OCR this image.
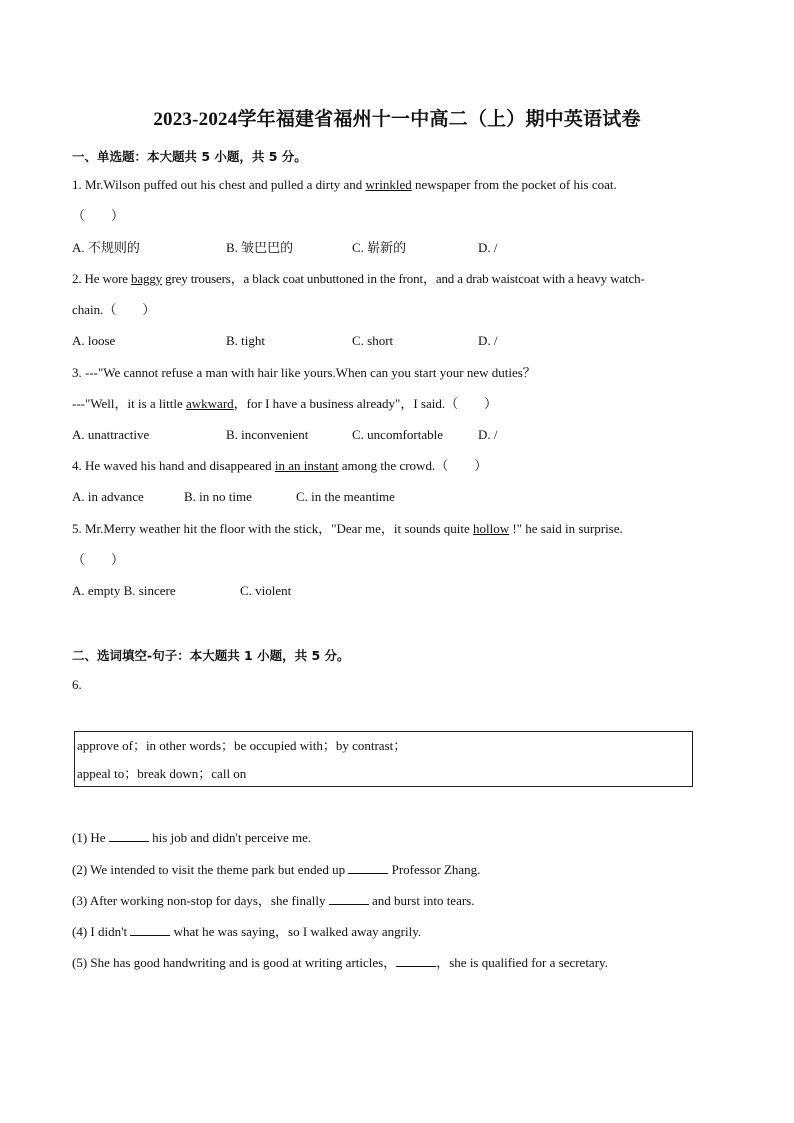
2023-2024学年福建省福州十一中高二（上）期中英语试卷
一、单选题：本大题共 5 小题，共 5 分。
1. Mr.Wilson puffed out his chest and pulled a dirty and wrinkled newspaper from the pocket of his coat.
（　　）
A. 不规则的	B. 皱巴巴的	C. 崭新的	D. /
2. He wore baggy grey trousers，a black coat unbuttoned in the front，and a drab waistcoat with a heavy watch-
chain.（　　）
A. loose	B. tight	C. short	D. /
3. ---"We cannot refuse a man with hair like yours.When can you start your new duties？
---"Well，it is a little awkward，for I have a business already"，I said.（　　）
A. unattractive	B. inconvenient	C. uncomfortable	D. /
4. He waved his hand and disappeared in an instant among the crowd.（　　）
A. in advance	B. in no time	C. in the meantime
5. Mr.Merry weather hit the floor with the stick，"Dear me，it sounds quite hollow !" he said in surprise.
（　　）
A. empty B. sincere	C. violent
二、选词填空-句子：本大题共 1 小题，共 5 分。
6.
approve of；in other words；be occupied with；by contrast；
appeal to；break down；call on
(1) He	his job and didn't perceive me.
(2) We intended to visit the theme park but ended up	Professor Zhang.
(3) After working non-stop for days，she finally	and burst into tears.
(4) I didn't	what he was saying，so I walked away angrily.
(5) She has good handwriting and is good at writing articles，	，she is qualified for a secretary.
